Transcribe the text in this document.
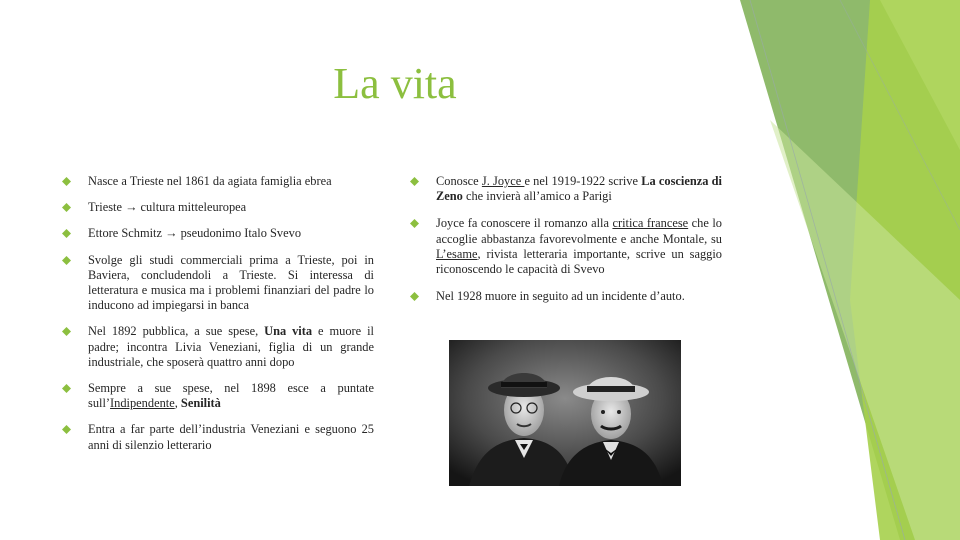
La vita
Nasce a Trieste nel 1861 da agiata famiglia ebrea
Trieste → cultura mitteleuropea
Ettore Schmitz → pseudonimo Italo Svevo
Svolge gli studi commerciali prima a Trieste, poi in Baviera, concludendoli a Trieste. Si interessa di letteratura e musica ma i problemi finanziari del padre lo inducono ad impiegarsi in banca
Nel 1892 pubblica, a sue spese, Una vita e muore il padre; incontra Livia Veneziani, figlia di un grande industriale, che sposerà quattro anni dopo
Sempre a sue spese, nel 1898 esce a puntate sull’Indipendente, Senilità
Entra a far parte dell’industria Veneziani e seguono 25 anni di silenzio letterario
Conosce J. Joyce e nel 1919-1922 scrive La coscienza di Zeno che invierà all’amico a Parigi
Joyce fa conoscere il romanzo alla critica francese che lo accoglie abbastanza favorevolmente e anche Montale, su L’esame, rivista letteraria importante, scrive un saggio riconoscendo le capacità di Svevo
Nel 1928 muore in seguito ad un incidente d’auto.
